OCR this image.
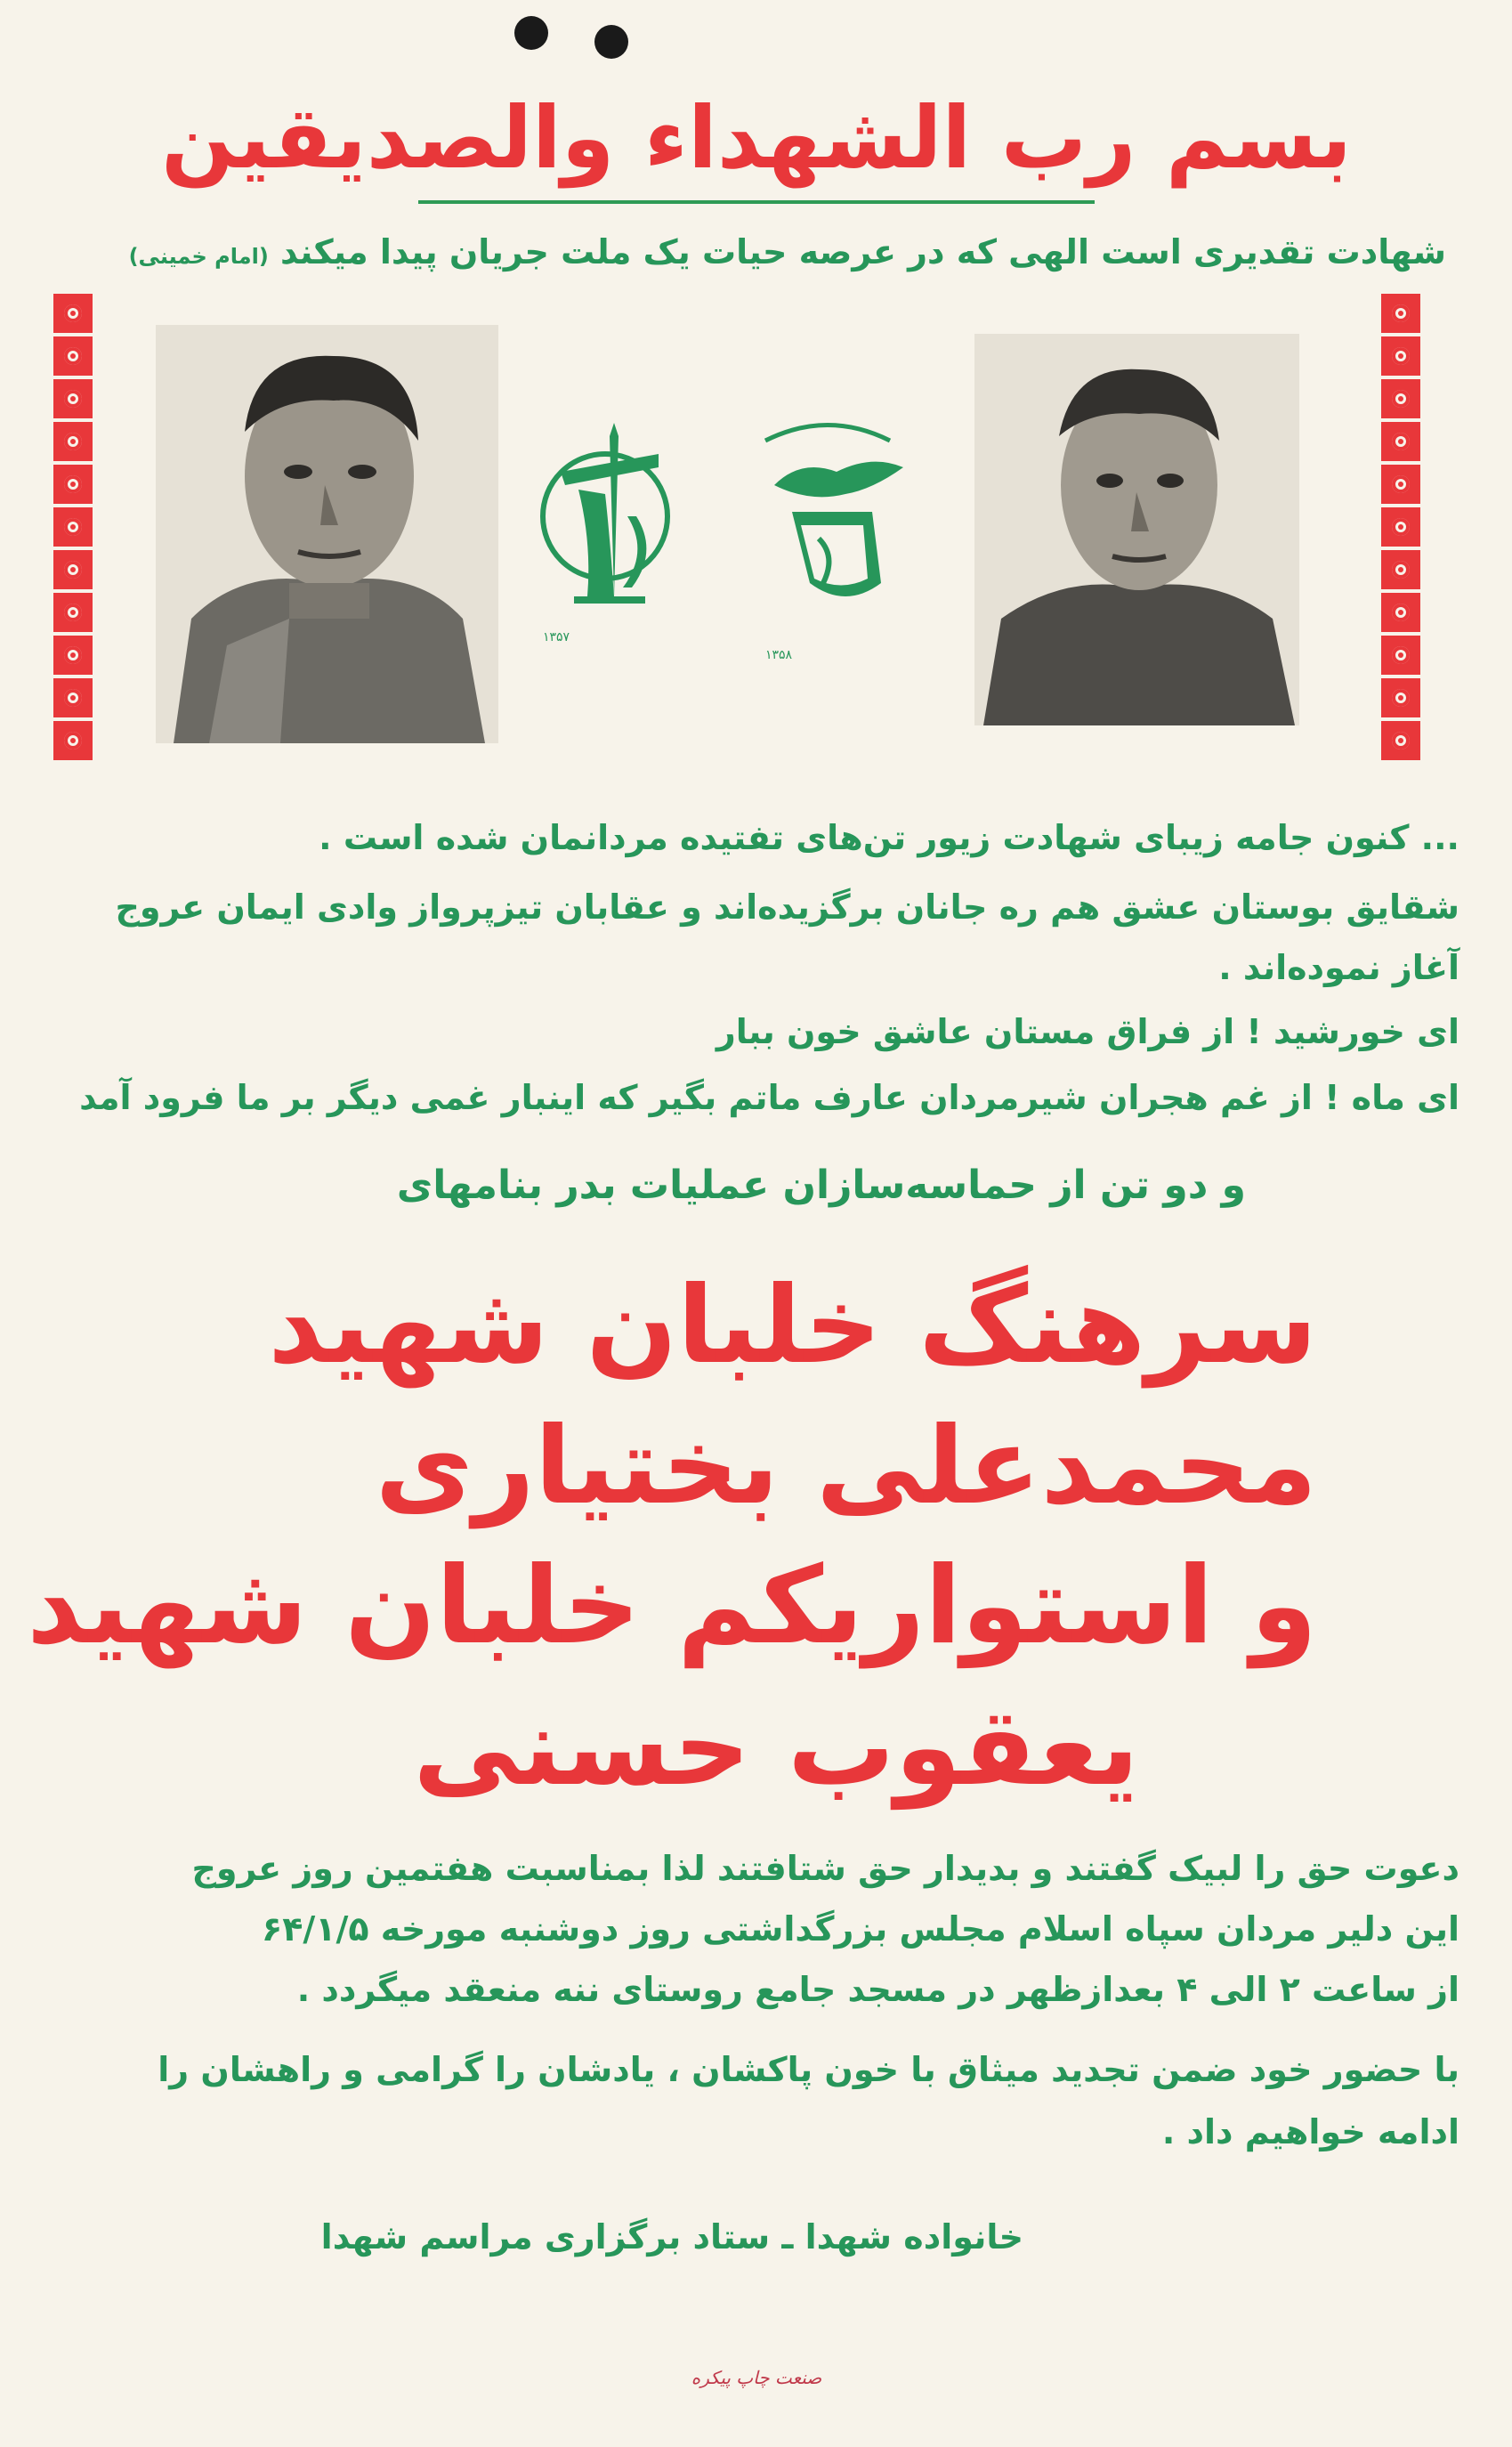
بسم رب الشهداء والصدیقین
شهادت تقدیری است الهی که در عرصه حیات یک ملت جریان پیدا میکند (امام خمینی)
۱۳۵۷
۱۳۵۸
... کنون جامه زیبای شهادت زیور تن‌های تفتیده مردانمان شده است .
شقایق بوستان عشق هم ره جانان برگزیده‌اند و عقابان تیزپرواز وادی ایمان عروج
آغاز نموده‌اند .
ای خورشید ! از فراق مستان عاشق خون ببار
ای ماه ! از غم هجران شیرمردان عارف ماتم بگیر که اینبار غمی دیگر بر ما فرود آمد
و دو تن از حماسه‌سازان عملیات بدر بنامهای
سرهنگ خلبان شهید
محمدعلی بختیاری
و استواریکم خلبان شهید
یعقوب حسنی
دعوت حق را لبیک گفتند و بدیدار حق شتافتند لذا بمناسبت هفتمین روز عروج
این دلیر مردان سپاه اسلام مجلس بزرگداشتی روز دوشنبه مورخه ۶۴/۱/۵
از ساعت ۲ الی ۴ بعدازظهر در مسجد جامع روستای ننه منعقد میگردد .
با حضور خود ضمن تجدید میثاق با خون پاکشان ، یادشان را گرامی و راهشان را
ادامه خواهیم داد .
خانواده شهدا ـ ستاد برگزاری مراسم شهدا
صنعت چاپ پیکره
